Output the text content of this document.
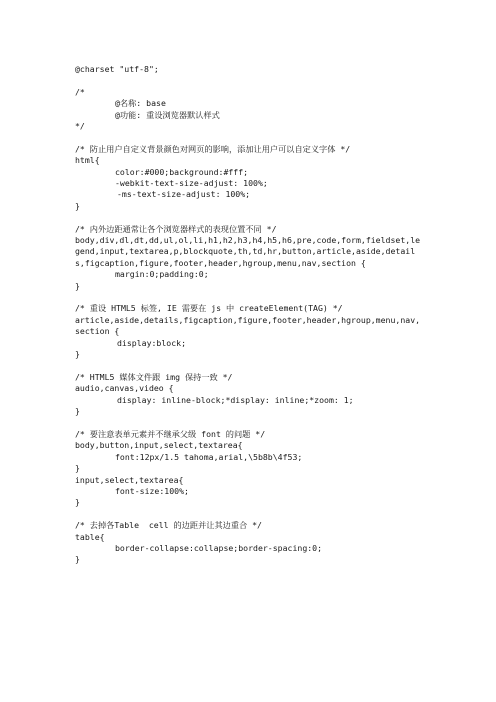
@charset "utf-8";
/*
@名称: base
@功能: 重设浏览器默认样式
*/
/* 防止用户自定义背景颜色对网页的影响，添加让用户可以自定义字体 */
html{
color:#000;background:#fff;
-webkit-text-size-adjust: 100%;
-ms-text-size-adjust: 100%;
}
/* 内外边距通常让各个浏览器样式的表现位置不同 */
body,div,dl,dt,dd,ul,ol,li,h1,h2,h3,h4,h5,h6,pre,code,form,fieldset,legend,input,textarea,p,blockquote,th,td,hr,button,article,aside,details,figcaption,figure,footer,header,hgroup,menu,nav,section {
margin:0;padding:0;
}
/* 重设 HTML5 标签, IE 需要在 js 中 createElement(TAG) */
article,aside,details,figcaption,figure,footer,header,hgroup,menu,nav,section {
display:block;
}
/* HTML5 媒体文件跟 img 保持一致 */
audio,canvas,video {
display: inline-block;*display: inline;*zoom: 1;
}
/* 要注意表单元素并不继承父级 font 的问题 */
body,button,input,select,textarea{
font:12px/1.5 tahoma,arial,\5b8b\4f53;
}
input,select,textarea{
font-size:100%;
}
/* 去掉各Table  cell 的边距并让其边重合 */
table{
border-collapse:collapse;border-spacing:0;
}
